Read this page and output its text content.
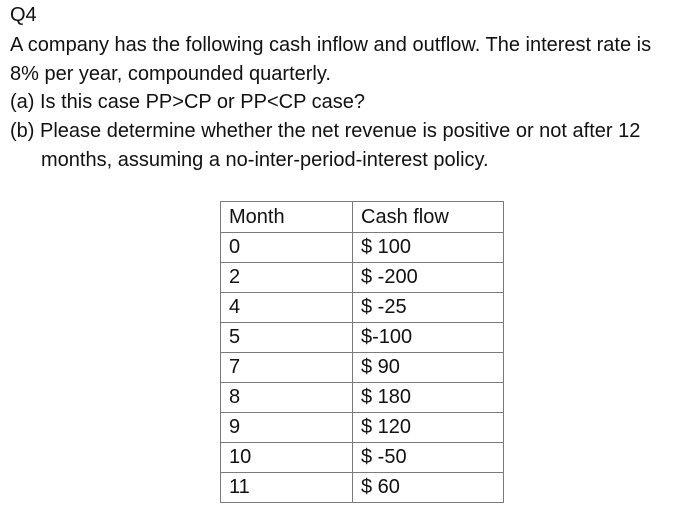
Q4
A company has the following cash inflow and outflow. The interest rate is
8% per year, compounded quarterly.
(a) Is this case PP>CP or PP<CP case?
(b) Please determine whether the net revenue is positive or not after 12
months, assuming a no-inter-period-interest policy.
Month	Cash flow
0	$ 100
2	$ -200
4	$ -25
5	$-100
7	$ 90
8	$ 180
9	$ 120
10	$ -50
11	$ 60
